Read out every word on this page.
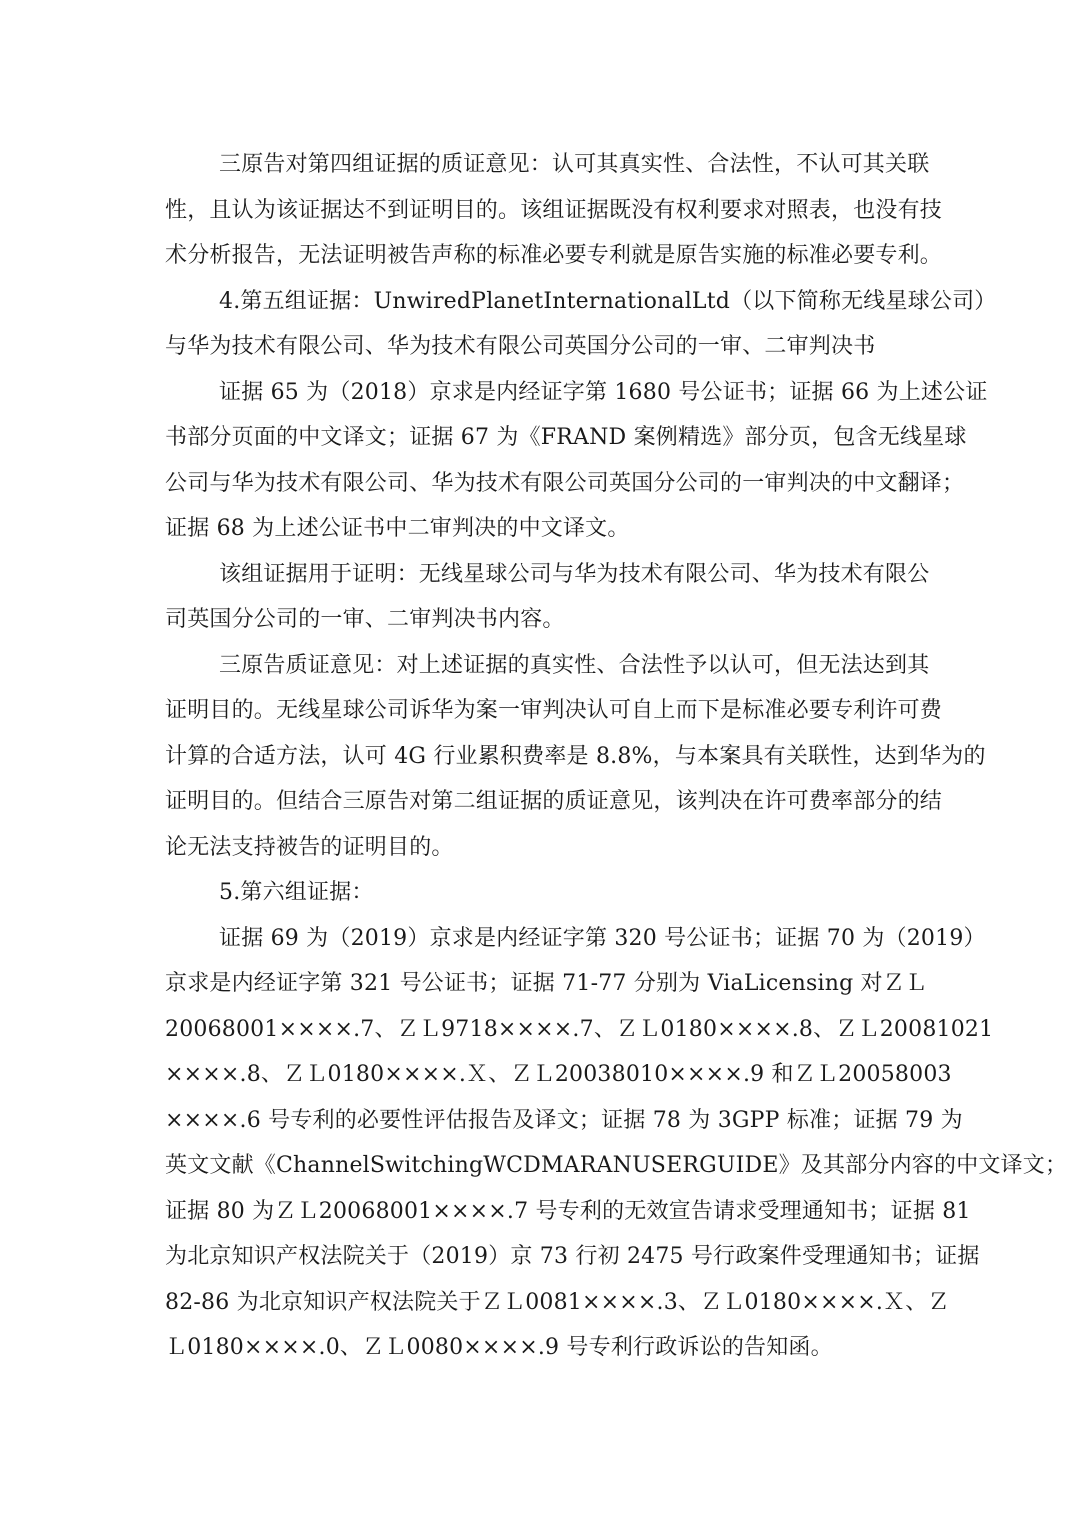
三原告对第四组证据的质证意见：认可其真实性、合法性，不认可其关联
性，且认为该证据达不到证明目的。该组证据既没有权利要求对照表，也没有技
术分析报告，无法证明被告声称的标准必要专利就是原告实施的标准必要专利。
4.第五组证据：UnwiredPlanetInternationalLtd（以下简称无线星球公司）
与华为技术有限公司、华为技术有限公司英国分公司的一审、二审判决书
证据 65 为（2018）京求是内经证字第 1680 号公证书；证据 66 为上述公证
书部分页面的中文译文；证据 67 为《FRAND 案例精选》部分页，包含无线星球
公司与华为技术有限公司、华为技术有限公司英国分公司的一审判决的中文翻译；
证据 68 为上述公证书中二审判决的中文译文。
该组证据用于证明：无线星球公司与华为技术有限公司、华为技术有限公
司英国分公司的一审、二审判决书内容。
三原告质证意见：对上述证据的真实性、合法性予以认可，但无法达到其
证明目的。无线星球公司诉华为案一审判决认可自上而下是标准必要专利许可费
计算的合适方法，认可 4G 行业累积费率是 8.8%，与本案具有关联性，达到华为的
证明目的。但结合三原告对第二组证据的质证意见，该判决在许可费率部分的结
论无法支持被告的证明目的。
5.第六组证据：
证据 69 为（2019）京求是内经证字第 320 号公证书；证据 70 为（2019）
京求是内经证字第 321 号公证书；证据 71-77 分别为 ViaLicensing 对ＺＬ
20068001××××.7、ＺＬ9718××××.7、ＺＬ0180××××.8、ＺＬ20081021
××××.8、ＺＬ0180××××.Ｘ、ＺＬ20038010××××.9 和ＺＬ20058003
××××.6 号专利的必要性评估报告及译文；证据 78 为 3GPP 标准；证据 79 为
英文文献《ChannelSwitchingWCDMARANUSERGUIDE》及其部分内容的中文译文；
证据 80 为ＺＬ20068001××××.7 号专利的无效宣告请求受理通知书；证据 81
为北京知识产权法院关于（2019）京 73 行初 2475 号行政案件受理通知书；证据
82-86 为北京知识产权法院关于ＺＬ0081××××.3、ＺＬ0180××××.Ｘ、Ｚ
Ｌ0180××××.0、ＺＬ0080××××.9 号专利行政诉讼的告知函。
